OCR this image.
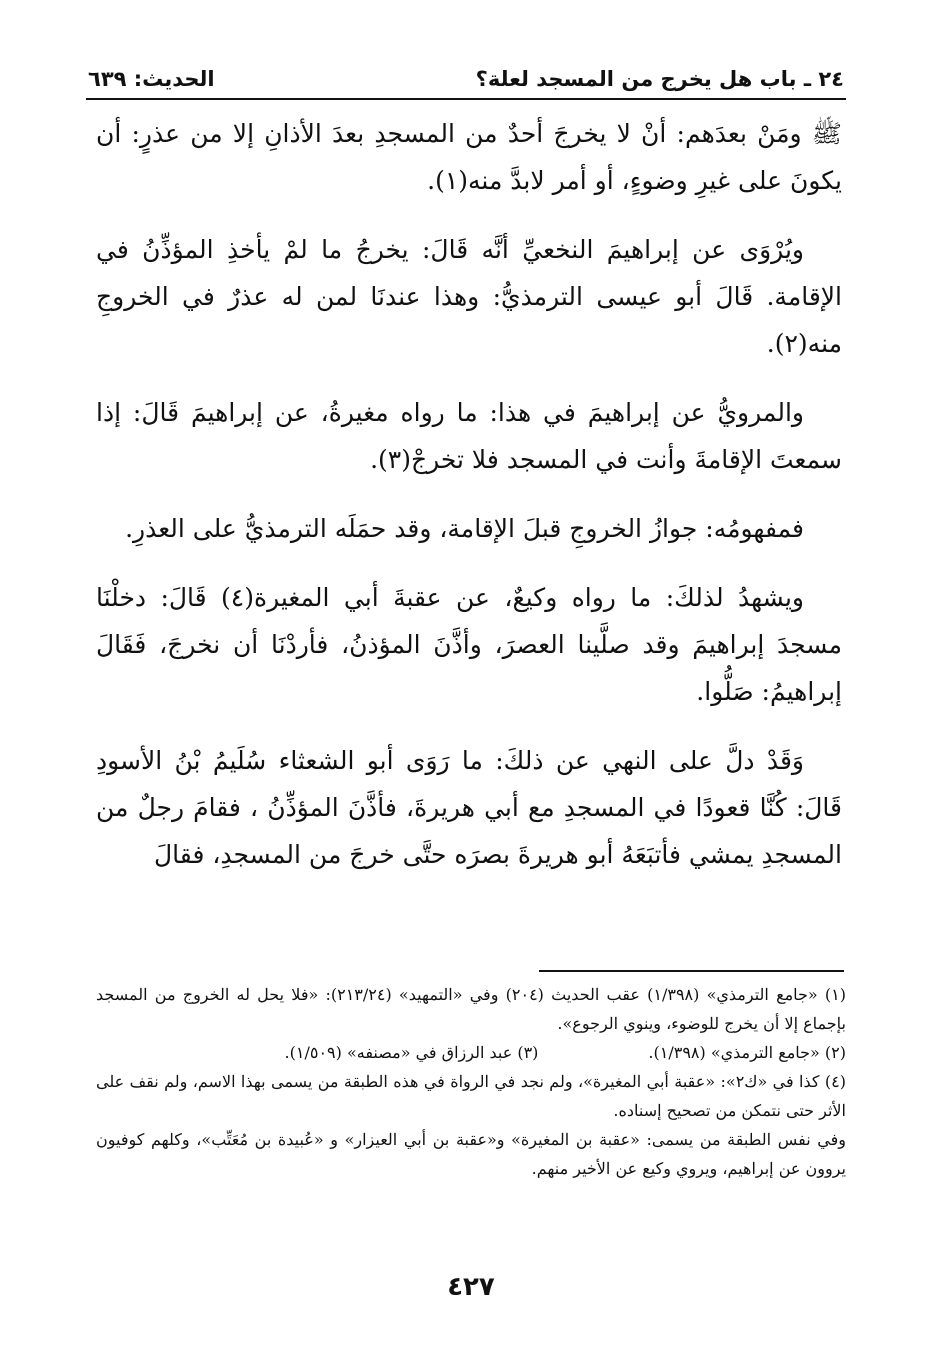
٢٤ ـ باب هل يخرج من المسجد لعلة؟
الحديث: ٦٣٩

ﷺ ومَنْ بعدَهم: أنْ لا يخرجَ أحدٌ من المسجدِ بعدَ الأذانِ إلا من عذرٍ: أن يكونَ على غيرِ وضوءٍ، أو أمر لابدَّ منه(١).

ويُرْوَى عن إبراهيمَ النخعيِّ أنَّه قَالَ: يخرجُ ما لمْ يأخذِ المؤذِّنُ في الإقامة. قَالَ أبو عيسى الترمذيُّ: وهذا عندنَا لمن له عذرٌ في الخروجِ منه(٢).

والمرويُّ عن إبراهيمَ في هذا: ما رواه مغيرةُ، عن إبراهيمَ قَالَ: إذا سمعتَ الإقامةَ وأنت في المسجد فلا تخرجْ(٣).

فمفهومُه: جوازُ الخروجِ قبلَ الإقامة، وقد حمَلَه الترمذيُّ على العذرِ.

ويشهدُ لذلكَ: ما رواه وكيعٌ، عن عقبةَ أبي المغيرة(٤) قَالَ: دخلْنَا مسجدَ إبراهيمَ وقد صلَّينا العصرَ، وأذَّنَ المؤذنُ، فأردْنَا أن نخرجَ، فَقَالَ إبراهيمُ: صَلُّوا.

وَقَدْ دلَّ على النهي عن ذلكَ: ما رَوَى أبو الشعثاء سُلَيمُ بْنُ الأسودِ قَالَ: كُنَّا قعودًا في المسجدِ مع أبي هريرةَ، فأذَّنَ المؤذِّنُ ، فقامَ رجلٌ من المسجدِ يمشي فأتبَعَهُ أبو هريرةَ بصرَه حتَّى خرجَ من المسجدِ، فقالَ

(١) «جامع الترمذي» (١/٣٩٨) عقب الحديث (٢٠٤) وفي «التمهيد» (٢١٣/٢٤): «فلا يحل له الخروج من المسجد بإجماع إلا أن يخرج للوضوء، وينوي الرجوع».

(٢) «جامع الترمذي» (١/٣٩٨).
(٣) عبد الرزاق في «مصنفه» (١/٥٠٩).

(٤) كذا في «ك٢»: «عقبة أبي المغيرة»، ولم نجد في الرواة في هذه الطبقة من يسمى بهذا الاسم، ولم نقف على الأثر حتى نتمكن من تصحيح إسناده.

وفي نفس الطبقة من يسمى: «عقبة بن المغيرة» و«عقبة بن أبي العيزار» و «عُبيدة بن مُعَتِّب»، وكلهم كوفيون يروون عن إبراهيم، ويروي وكيع عن الأخير منهم.

٤٢٧
